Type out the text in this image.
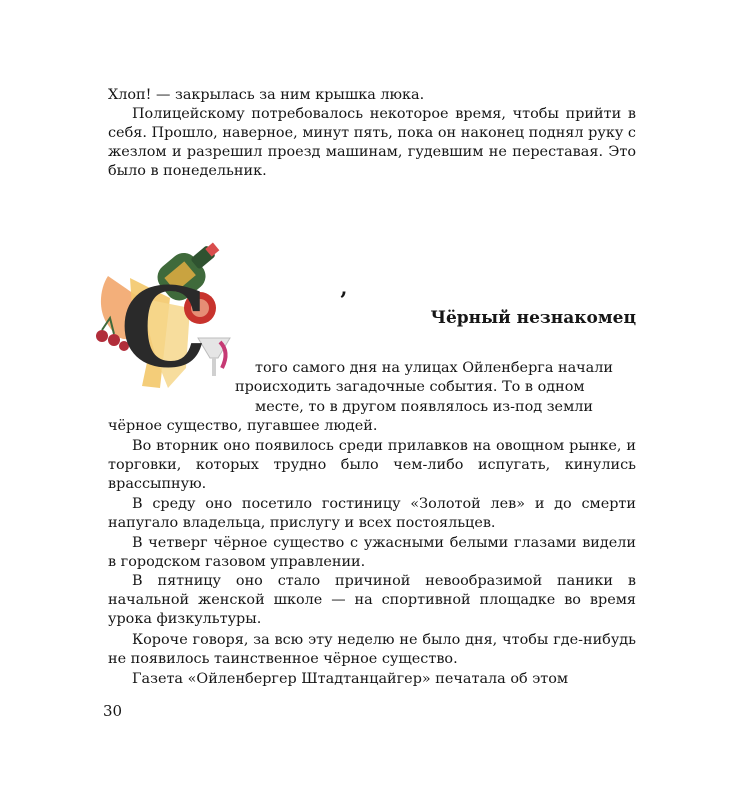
Хлоп! — закрылась за ним крышка люка.

Полицейскому потребовалось некоторое время, чтобы прийти в себя. Прошло, наверное, минут пять, пока он наконец поднял руку с жезлом и разрешил проезд машинам, гудевшим не переставая. Это было в понедельник.

‚
Чёрный незнакомец
С	того самого дня на улицах Ойленберга начали

происходить загадочные события. То в одном

месте, то в другом появлялось из-под земли

чёрное существо, пугавшее людей.

Во вторник оно появилось среди прилавков на овощном рынке, и торговки, которых трудно было чем-либо испугать, кинулись врассыпную.

В среду оно посетило гостиницу «Золотой лев» и до смерти напугало владельца, прислугу и всех постояльцев.

В четверг чёрное существо с ужасными белыми глазами видели в городском газовом управлении.

В пятницу оно стало причиной невообразимой паники в начальной женской школе — на спортивной площадке во время урока физкультуры.

Короче говоря, за всю эту неделю не было дня, чтобы где-нибудь не появилось таинственное чёрное существо.

Газета «Ойленбергер Штадтанцайгер» печатала об этом

30
